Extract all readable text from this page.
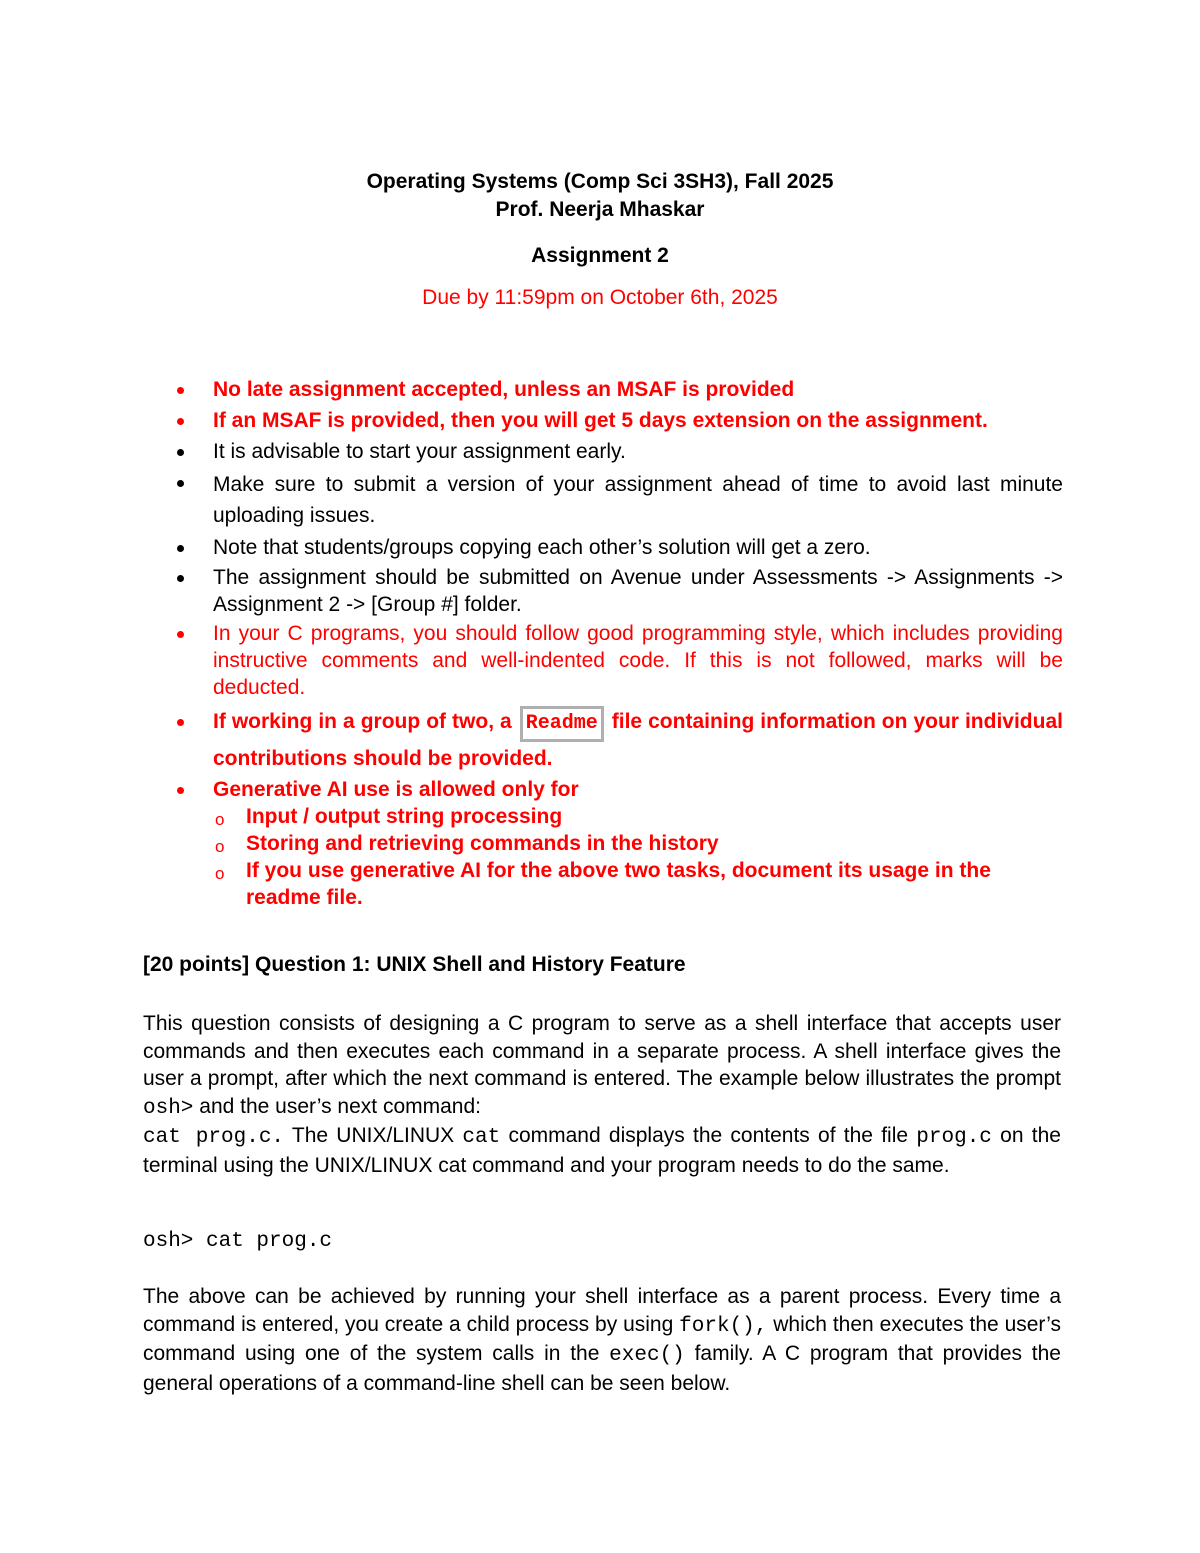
Operating Systems (Comp Sci 3SH3), Fall 2025
Prof. Neerja Mhaskar
Assignment 2
Due by 11:59pm on October 6th, 2025
No late assignment accepted, unless an MSAF is provided
If an MSAF is provided, then you will get 5 days extension on the assignment.
It is advisable to start your assignment early.
Make sure to submit a version of your assignment ahead of time to avoid last minute uploading issues.
Note that students/groups copying each other’s solution will get a zero.
The assignment should be submitted on Avenue under Assessments -> Assignments -> Assignment 2 -> [Group #] folder.
In your C programs, you should follow good programming style, which includes providing instructive comments and well-indented code. If this is not followed, marks will be deducted.
If working in a group of two, a Readme file containing information on your individual contributions should be provided.
Generative AI use is allowed only for
o Input / output string processing
o Storing and retrieving commands in the history
o If you use generative AI for the above two tasks, document its usage in the readme file.
[20 points] Question 1: UNIX Shell and History Feature
This question consists of designing a C program to serve as a shell interface that accepts user commands and then executes each command in a separate process. A shell interface gives the user a prompt, after which the next command is entered. The example below illustrates the prompt osh> and the user’s next command:
cat prog.c. The UNIX/LINUX cat command displays the contents of the file prog.c on the terminal using the UNIX/LINUX cat command and your program needs to do the same.
osh> cat prog.c
The above can be achieved by running your shell interface as a parent process. Every time a command is entered, you create a child process by using fork(), which then executes the user’s command using one of the system calls in the exec() family. A C program that provides the general operations of a command-line shell can be seen below.
